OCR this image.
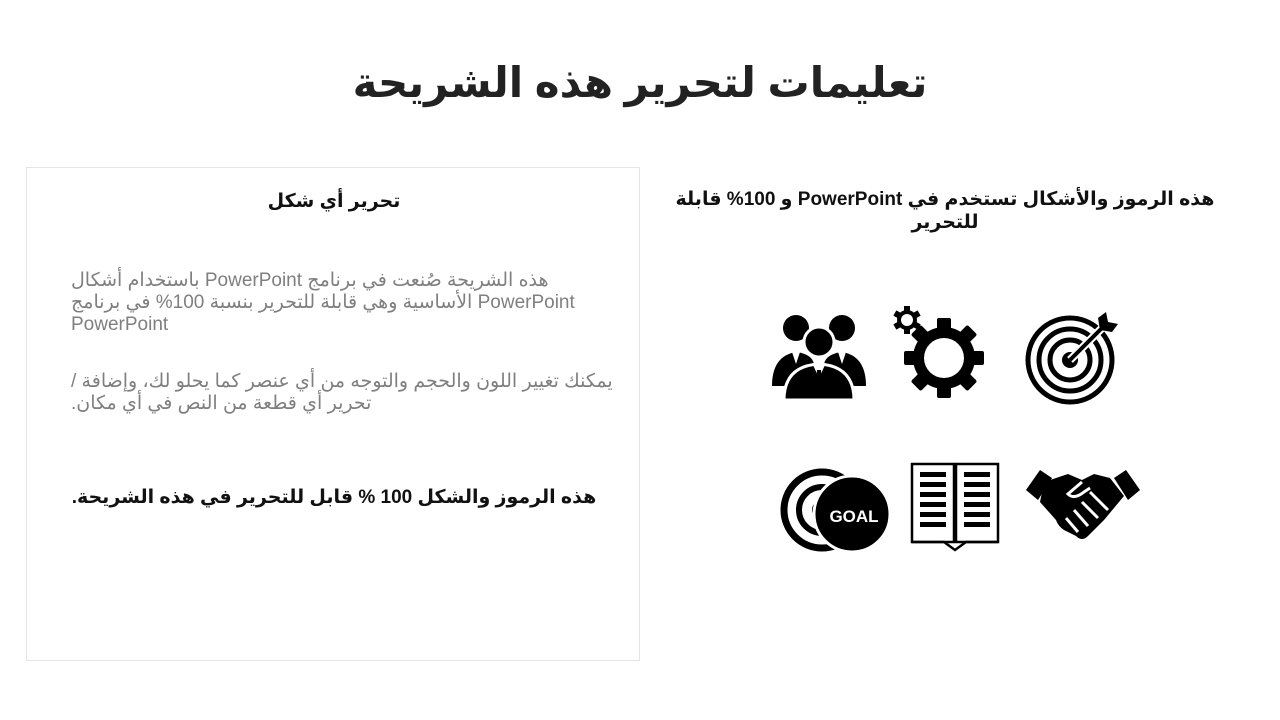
تعليمات لتحرير هذه الشريحة
تحرير أي شكل
هذه الشريحة صُنعت في برنامج PowerPoint باستخدام أشكال PowerPoint الأساسية وهي قابلة للتحرير بنسبة 100% في برنامج PowerPoint
يمكنك تغيير اللون والحجم والتوجه من أي عنصر كما يحلو لك، وإضافة / تحرير أي قطعة من النص في أي مكان.
هذه الرموز والشكل 100 % قابل للتحرير في هذه الشريحة.
هذه الرموز والأشكال تستخدم في PowerPoint و 100% قابلة للتحرير
GOAL
